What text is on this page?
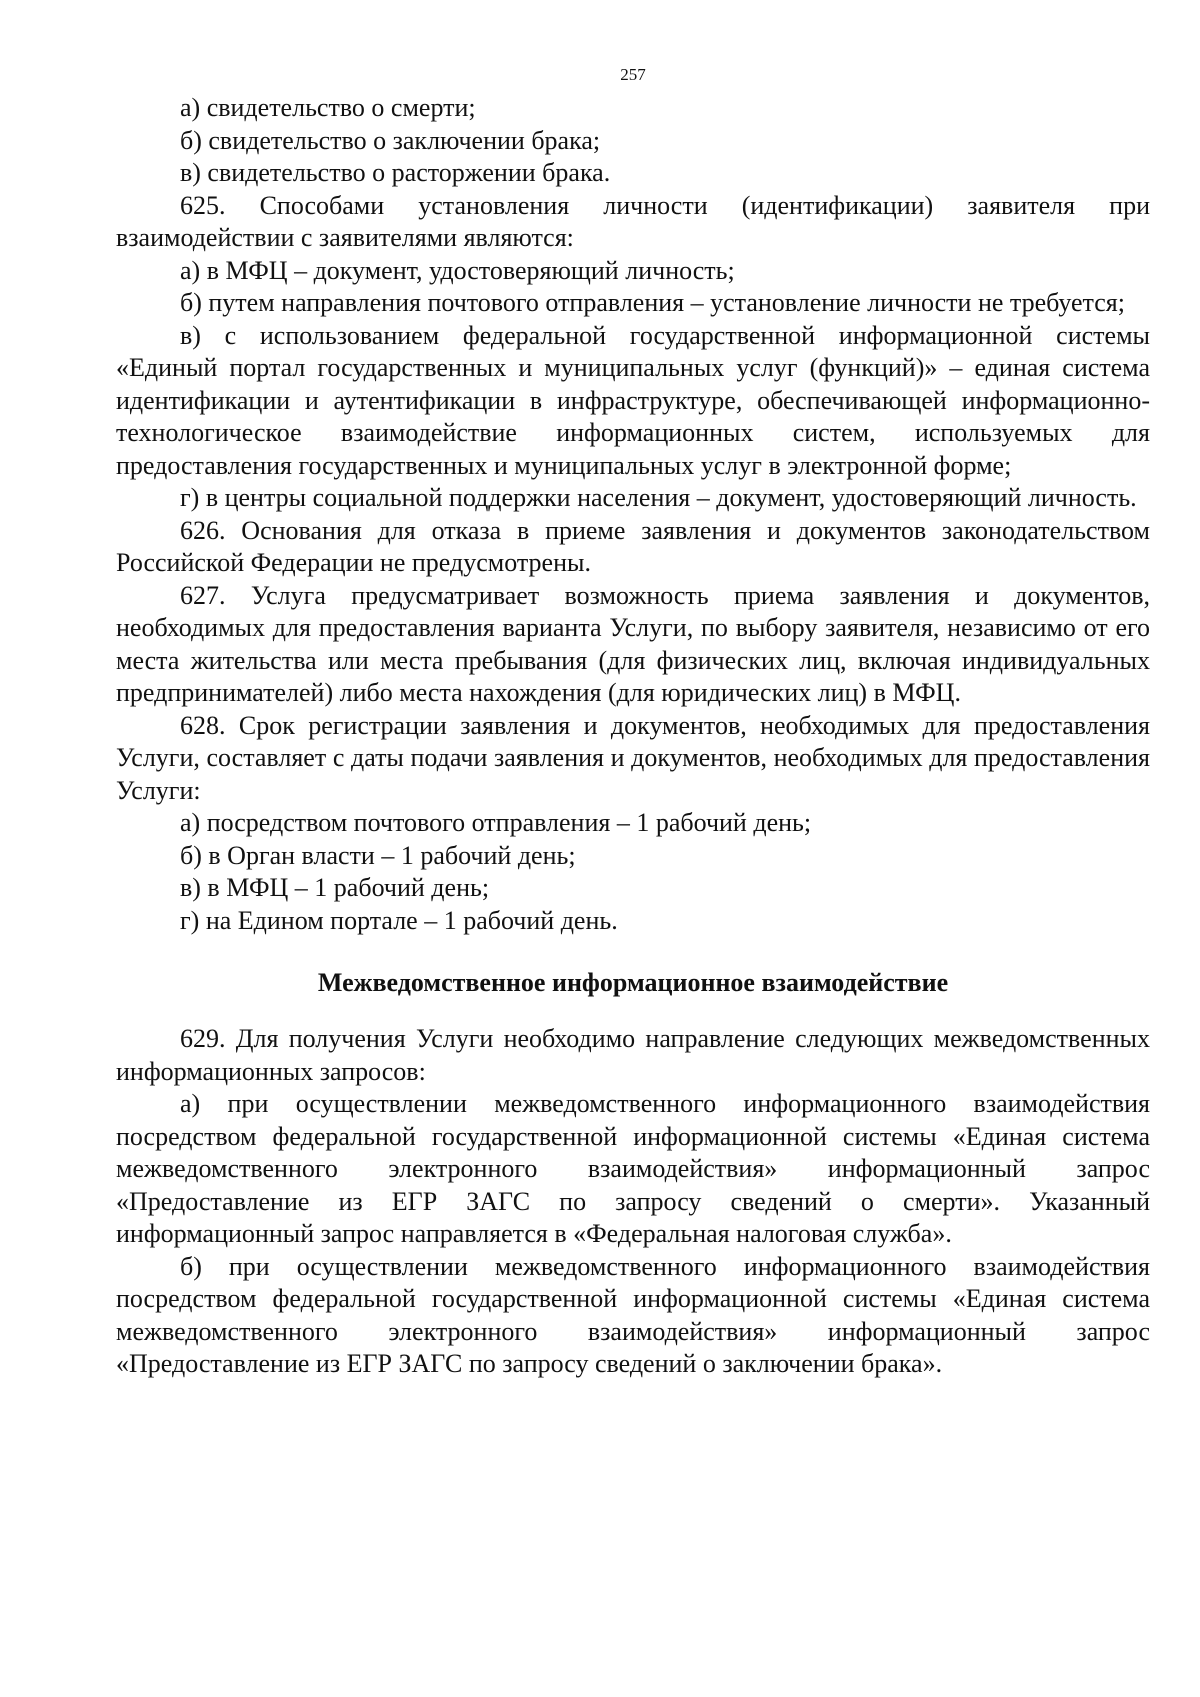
257

а) свидетельство о смерти;

б) свидетельство о заключении брака;

в) свидетельство о расторжении брака.

625. Способами установления личности (идентификации) заявителя при взаимодействии с заявителями являются:

а) в МФЦ – документ, удостоверяющий личность;

б) путем направления почтового отправления – установление личности не требуется;

в) с использованием федеральной государственной информационной системы «Единый портал государственных и муниципальных услуг (функций)» – единая система идентификации и аутентификации в инфраструктуре, обеспечивающей информационно-технологическое взаимодействие информационных систем, используемых для предоставления государственных и муниципальных услуг в электронной форме;

г) в центры социальной поддержки населения – документ, удостоверяющий личность.

626. Основания для отказа в приеме заявления и документов законодательством Российской Федерации не предусмотрены.

627. Услуга предусматривает возможность приема заявления и документов, необходимых для предоставления варианта Услуги, по выбору заявителя, независимо от его места жительства или места пребывания (для физических лиц, включая индивидуальных предпринимателей) либо места нахождения (для юридических лиц) в МФЦ.

628. Срок регистрации заявления и документов, необходимых для предоставления Услуги, составляет с даты подачи заявления и документов, необходимых для предоставления Услуги:

а) посредством почтового отправления – 1 рабочий день;

б) в Орган власти – 1 рабочий день;

в) в МФЦ – 1 рабочий день;

г) на Едином портале – 1 рабочий день.

Межведомственное информационное взаимодействие

629. Для получения Услуги необходимо направление следующих межведомственных информационных запросов:

а) при осуществлении межведомственного информационного взаимодействия посредством федеральной государственной информационной системы «Единая система межведомственного электронного взаимодействия» информационный запрос «Предоставление из ЕГР ЗАГС по запросу сведений о смерти». Указанный информационный запрос направляется в «Федеральная налоговая служба».

б) при осуществлении межведомственного информационного взаимодействия посредством федеральной государственной информационной системы «Единая система межведомственного электронного взаимодействия» информационный запрос «Предоставление из ЕГР ЗАГС по запросу сведений о заключении брака».
